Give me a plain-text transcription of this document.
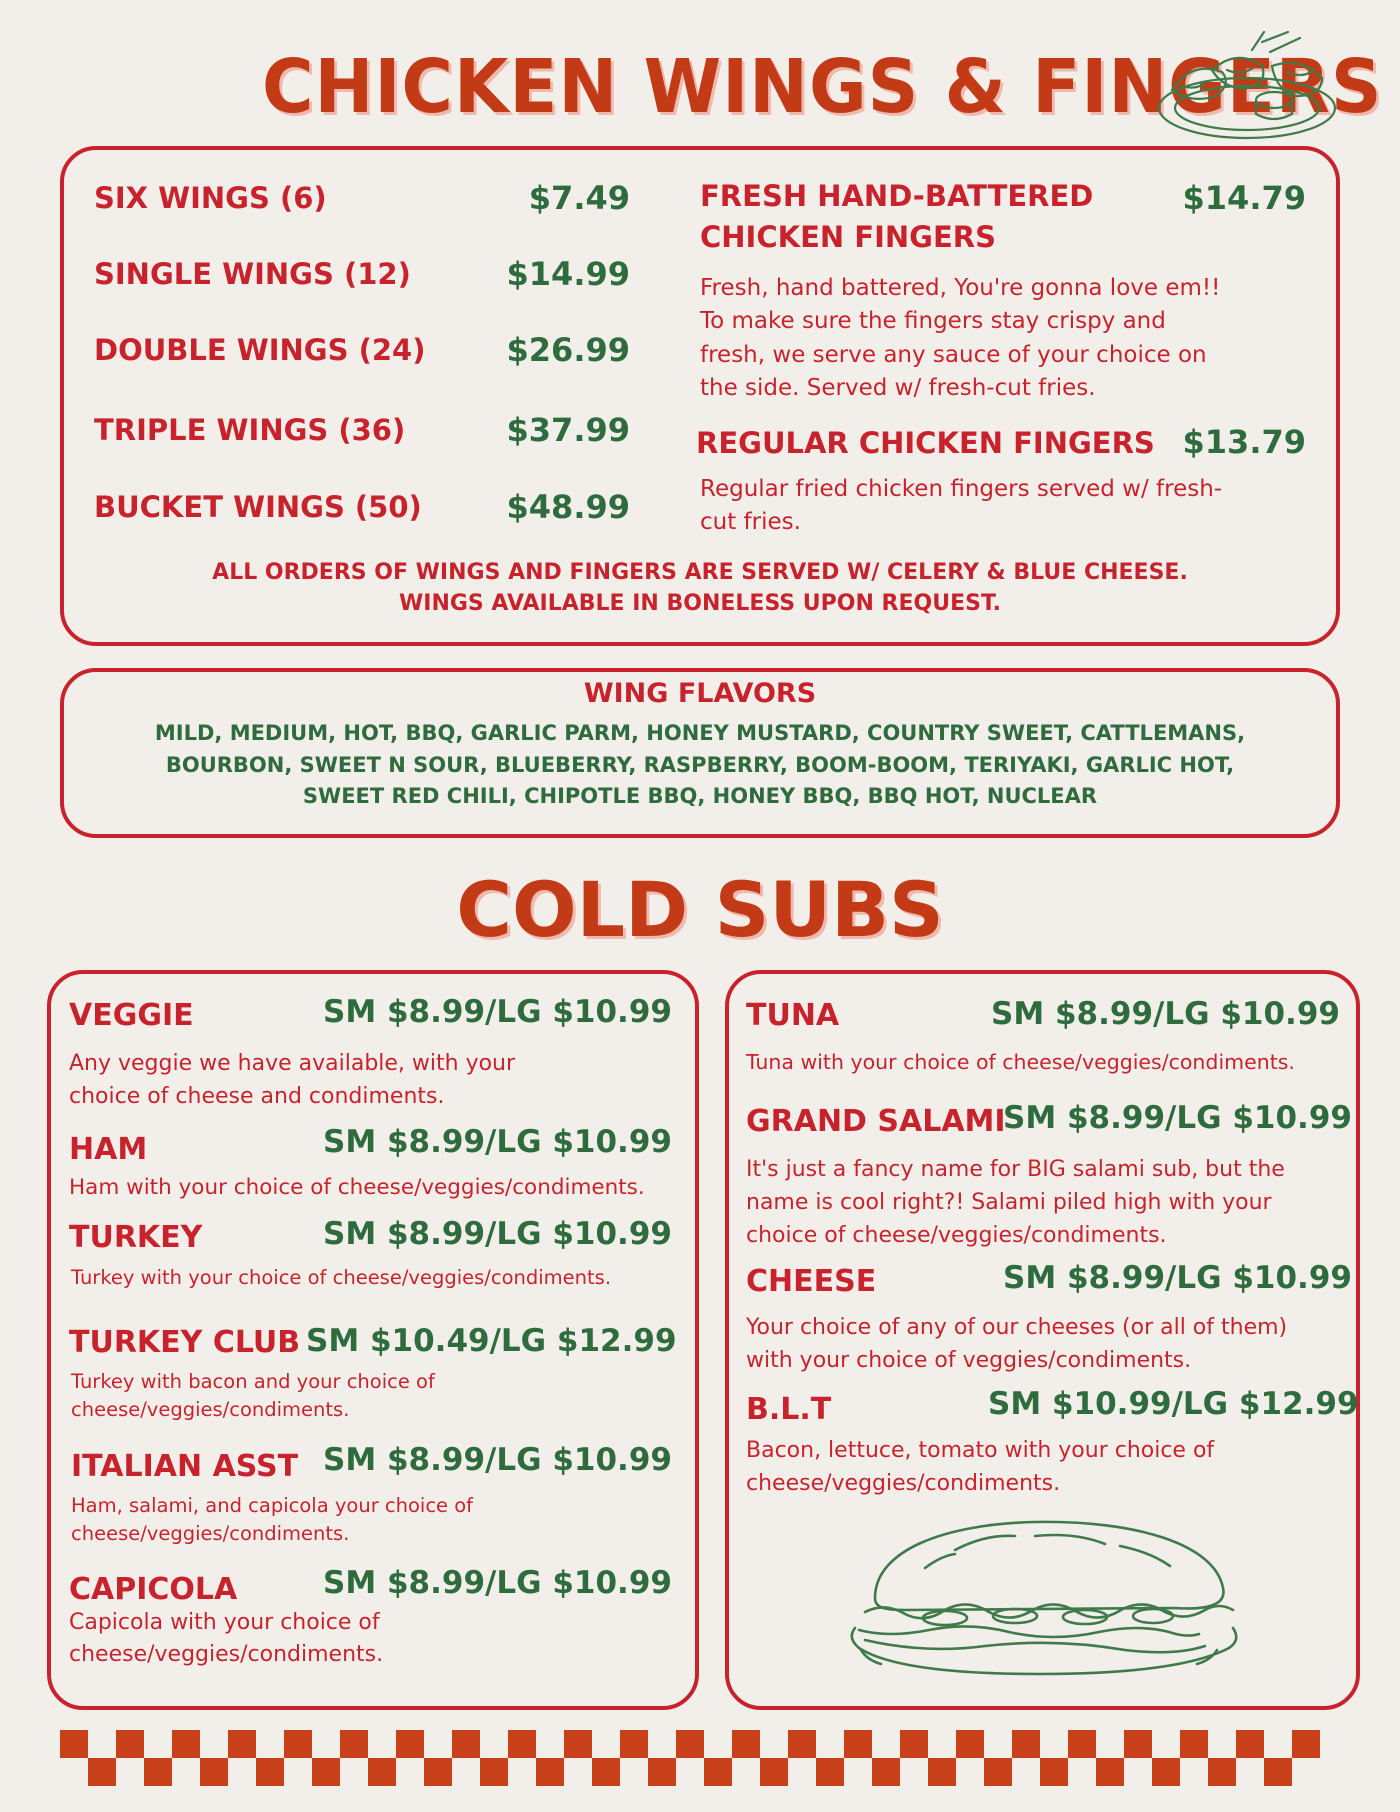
CHICKEN WINGS & FINGERS
SIX WINGS (6)	$7.49
SINGLE WINGS (12)	$14.99
DOUBLE WINGS (24)	$26.99
TRIPLE WINGS (36)	$37.99
BUCKET WINGS (50)	$48.99
FRESH HAND-BATTERED
CHICKEN FINGERS
$14.79
Fresh, hand battered, You're gonna love em!!
To make sure the fingers stay crispy and
fresh, we serve any sauce of your choice on
the side. Served w/ fresh-cut fries.
REGULAR CHICKEN FINGERS $13.79
Regular fried chicken fingers served w/ fresh-
cut fries.
ALL ORDERS OF WINGS AND FINGERS ARE SERVED W/ CELERY & BLUE CHEESE.
WINGS AVAILABLE IN BONELESS UPON REQUEST.
WING FLAVORS
MILD, MEDIUM, HOT, BBQ, GARLIC PARM, HONEY MUSTARD, COUNTRY SWEET, CATTLEMANS,
BOURBON, SWEET N SOUR, BLUEBERRY, RASPBERRY, BOOM-BOOM, TERIYAKI, GARLIC HOT,
SWEET RED CHILI, CHIPOTLE BBQ, HONEY BBQ, BBQ HOT, NUCLEAR
COLD SUBS
VEGGIE	SM $8.99/LG $10.99
Any veggie we have available, with your
choice of cheese and condiments.
HAM	SM $8.99/LG $10.99
Ham with your choice of cheese/veggies/condiments.
TURKEY	SM $8.99/LG $10.99
Turkey with your choice of cheese/veggies/condiments.
TURKEY CLUB SM $10.49/LG $12.99
Turkey with bacon and your choice of
cheese/veggies/condiments.
ITALIAN ASST SM $8.99/LG $10.99
Ham, salami, and capicola your choice of
cheese/veggies/condiments.
CAPICOLA	SM $8.99/LG $10.99
Capicola with your choice of
cheese/veggies/condiments.
TUNA	SM $8.99/LG $10.99
Tuna with your choice of cheese/veggies/condiments.
GRAND SALAMI
SM $8.99/LG $10.99
It's just a fancy name for BIG salami sub, but the
name is cool right?! Salami piled high with your
choice of cheese/veggies/condiments.
CHEESE	SM $8.99/LG $10.99
Your choice of any of our cheeses (or all of them)
with your choice of veggies/condiments.
B.L.T	SM $10.99/LG $12.99
Bacon, lettuce, tomato with your choice of
cheese/veggies/condiments.
